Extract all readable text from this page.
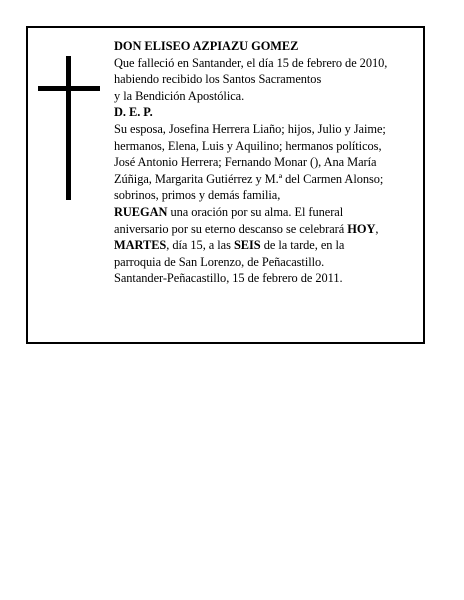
DON ELISEO AZPIAZU GOMEZ
Que falleció en Santander, el día 15 de febrero de 2010,
habiendo recibido los Santos Sacramentos
y la Bendición Apostólica.
D. E. P.
Su esposa, Josefina Herrera Liaño; hijos, Julio y Jaime;
hermanos, Elena, Luis y Aquilino; hermanos políticos,
José Antonio Herrera; Fernando Monar (), Ana María
Zúñiga, Margarita Gutiérrez y M.ª del Carmen Alonso;
sobrinos, primos y demás familia,
RUEGAN una oración por su alma. El funeral
aniversario por su eterno descanso se celebrará HOY,
MARTES, día 15, a las SEIS de la tarde, en la
parroquia de San Lorenzo, de Peñacastillo.
Santander-Peñacastillo, 15 de febrero de 2011.
